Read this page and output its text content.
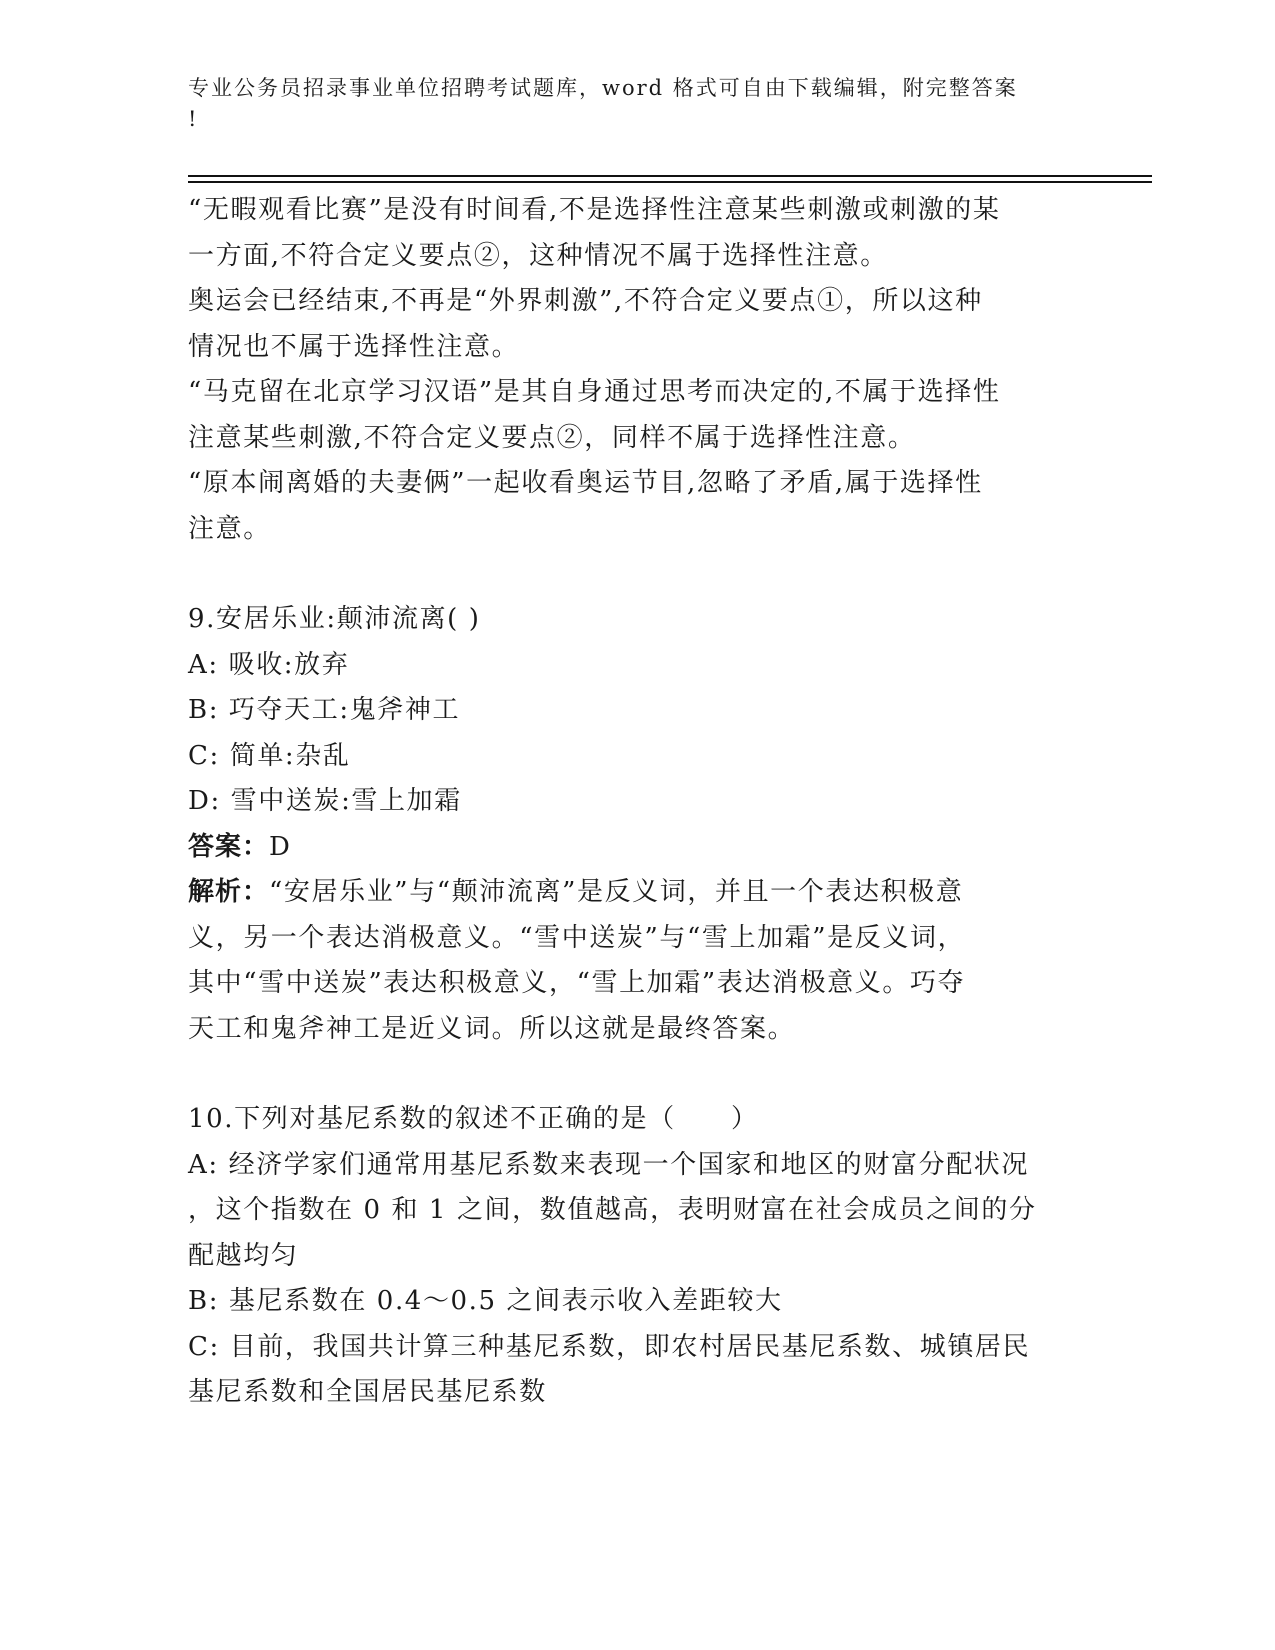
专业公务员招录事业单位招聘考试题库，word 格式可自由下载编辑，附完整答案
!

“无暇观看比赛”是没有时间看,不是选择性注意某些刺激或刺激的某

一方面,不符合定义要点②，这种情况不属于选择性注意。

奥运会已经结束,不再是“外界刺激”,不符合定义要点①，所以这种

情况也不属于选择性注意。

“马克留在北京学习汉语”是其自身通过思考而决定的,不属于选择性

注意某些刺激,不符合定义要点②，同样不属于选择性注意。

“原本闹离婚的夫妻俩”一起收看奥运节目,忽略了矛盾,属于选择性

注意。

9.安居乐业:颠沛流离( )

A: 吸收:放弃

B: 巧夺天工:鬼斧神工

C: 简单:杂乱

D: 雪中送炭:雪上加霜

答案：D

解析：“安居乐业”与“颠沛流离”是反义词，并且一个表达积极意

义，另一个表达消极意义。“雪中送炭”与“雪上加霜”是反义词，

其中“雪中送炭”表达积极意义，“雪上加霜”表达消极意义。巧夺

天工和鬼斧神工是近义词。所以这就是最终答案。

10.下列对基尼系数的叙述不正确的是（　　）

A: 经济学家们通常用基尼系数来表现一个国家和地区的财富分配状况

，这个指数在 0 和 1 之间，数值越高，表明财富在社会成员之间的分

配越均匀

B: 基尼系数在 0.4～0.5 之间表示收入差距较大

C: 目前，我国共计算三种基尼系数，即农村居民基尼系数、城镇居民

基尼系数和全国居民基尼系数
